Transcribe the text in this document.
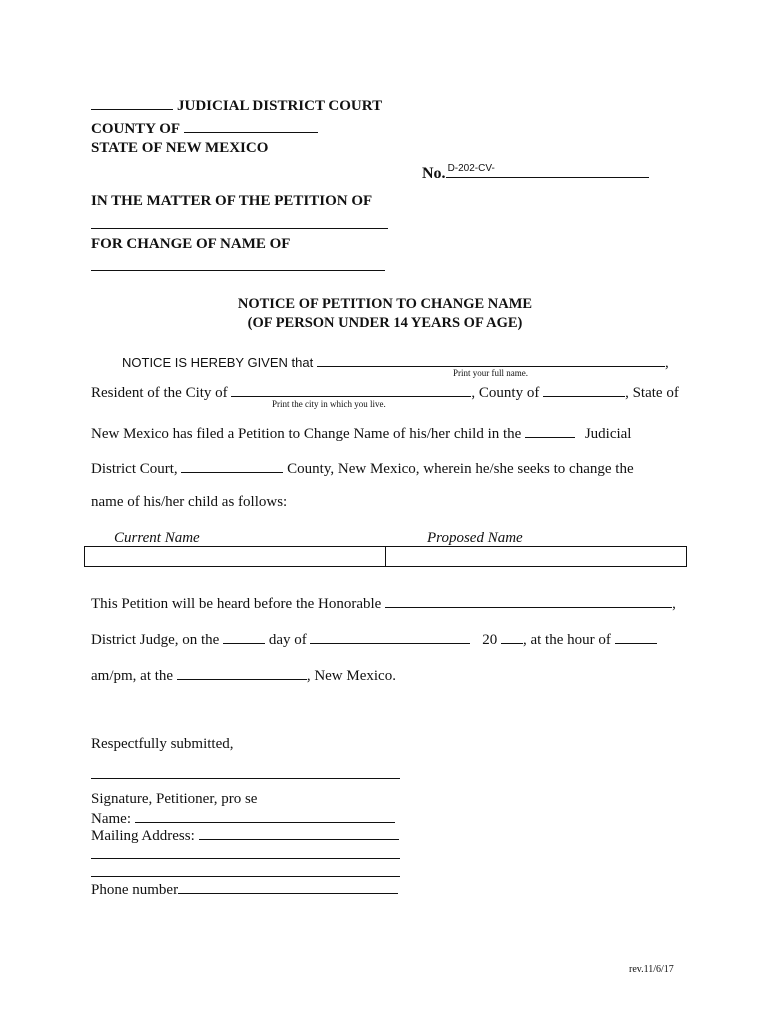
JUDICIAL DISTRICT COURT
COUNTY OF
STATE OF NEW MEXICO
No. D-202-CV-
IN THE MATTER OF THE PETITION OF
FOR CHANGE OF NAME OF
NOTICE OF PETITION TO CHANGE NAME
(OF PERSON UNDER 14 YEARS OF AGE)
NOTICE IS HEREBY GIVEN that	,
Print your full name.
Resident of the City of	, County of	, State of
Print the city in which you live.
New Mexico has filed a Petition to Change Name of his/her child in the	Judicial
District Court,	County, New Mexico, wherein he/she seeks to change the
name of his/her child as follows:
Current Name	Proposed Name
This Petition will be heard before the Honorable	,
District Judge, on the	day of	20 , at the hour of
am/pm, at the	, New Mexico.
Respectfully submitted,
Signature, Petitioner, pro se
Name:
Mailing Address:
Phone number
rev.11/6/17
